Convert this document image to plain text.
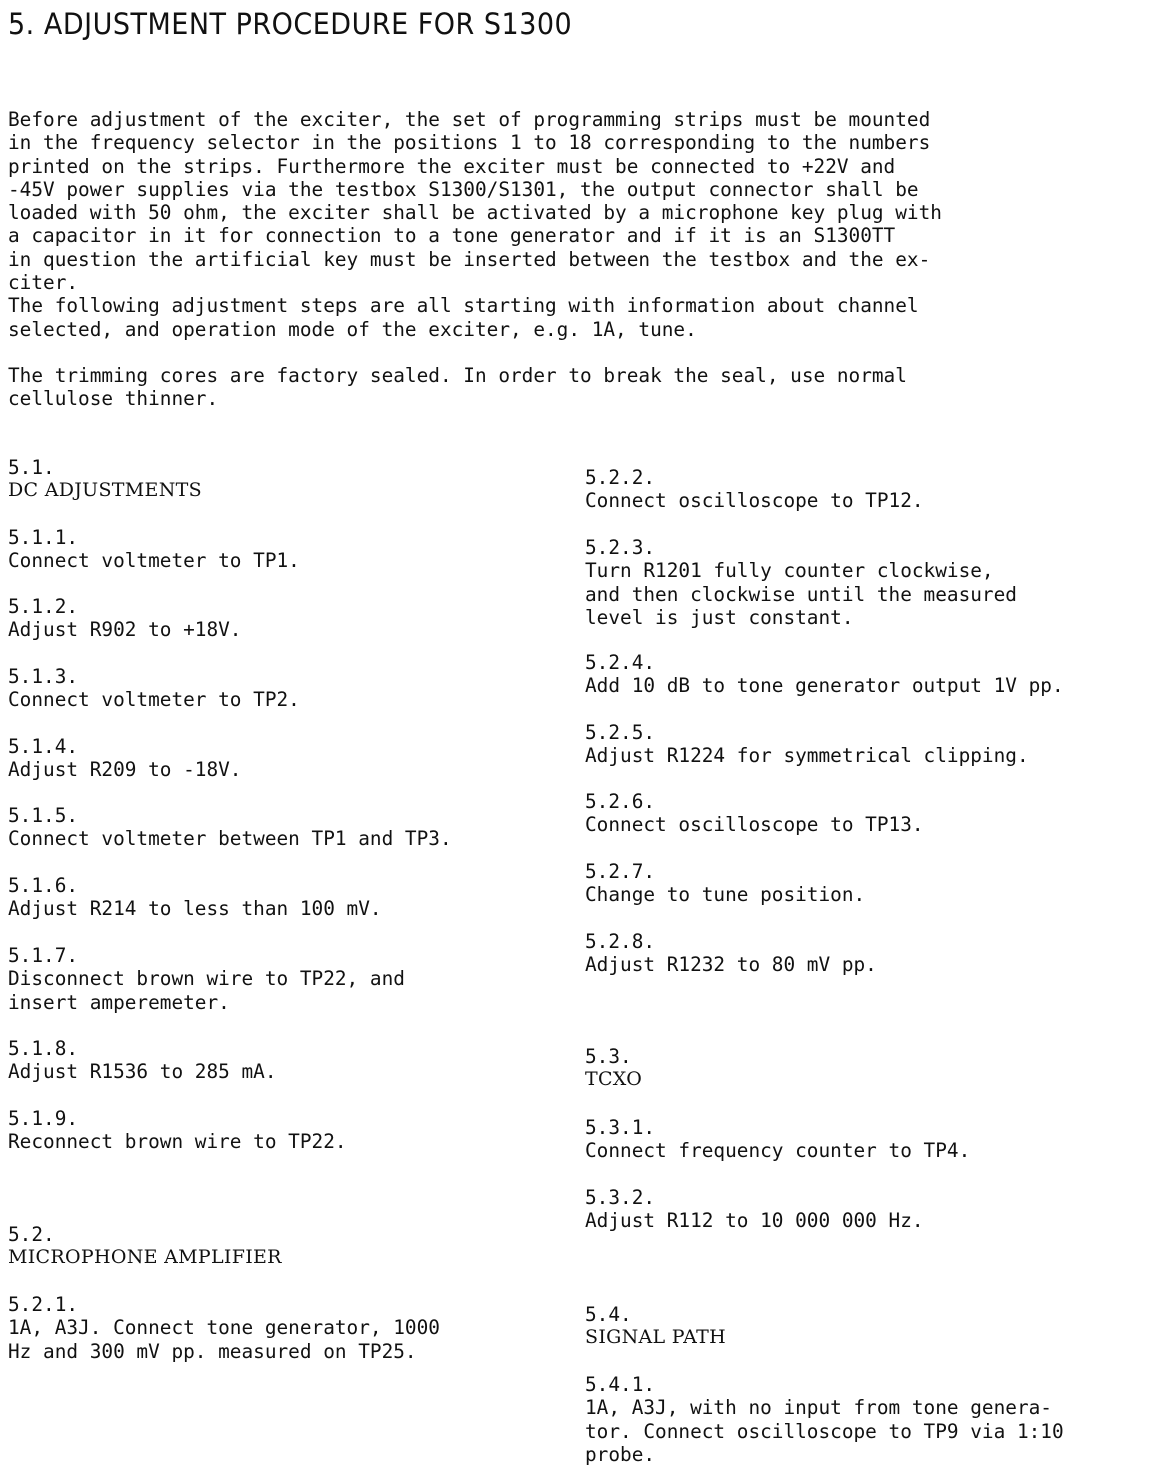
5. ADJUSTMENT PROCEDURE FOR S1300

Before adjustment of the exciter, the set of programming strips must be mounted

in the frequency selector in the positions 1 to 18 corresponding to the numbers

printed on the strips. Furthermore the exciter must be connected to +22V and

-45V power supplies via the testbox S1300/S1301, the output connector shall be

loaded with 50 ohm, the exciter shall be activated by a microphone key plug with

a capacitor in it for connection to a tone generator and if it is an S1300TT

in question the artificial key must be inserted between the testbox and the ex-

citer.

The following adjustment steps are all starting with information about channel

selected, and operation mode of the exciter, e.g. 1A, tune.

The trimming cores are factory sealed. In order to break the seal, use normal

cellulose thinner.

5.1.
DC ADJUSTMENTS
5.1.1.
Connect voltmeter to TP1.
5.1.2.
Adjust R902 to +18V.
5.1.3.
Connect voltmeter to TP2.
5.1.4.
Adjust R209 to -18V.
5.1.5.
Connect voltmeter between TP1 and TP3.
5.1.6.
Adjust R214 to less than 100 mV.
5.1.7.
Disconnect brown wire to TP22, and
insert amperemeter.
5.1.8.
Adjust R1536 to 285 mA.
5.1.9.
Reconnect brown wire to TP22.
5.2.
MICROPHONE AMPLIFIER
5.2.1.
1A, A3J. Connect tone generator, 1000
Hz and 300 mV pp. measured on TP25.
5.2.2.
Connect oscilloscope to TP12.
5.2.3.
Turn R1201 fully counter clockwise,
and then clockwise until the measured
level is just constant.
5.2.4.
Add 10 dB to tone generator output 1V pp.
5.2.5.
Adjust R1224 for symmetrical clipping.
5.2.6.
Connect oscilloscope to TP13.
5.2.7.
Change to tune position.
5.2.8.
Adjust R1232 to 80 mV pp.
5.3.
TCXO
5.3.1.
Connect frequency counter to TP4.
5.3.2.
Adjust R112 to 10 000 000 Hz.
5.4.
SIGNAL PATH
5.4.1.
1A, A3J, with no input from tone genera-
tor. Connect oscilloscope to TP9 via 1:10
probe.
